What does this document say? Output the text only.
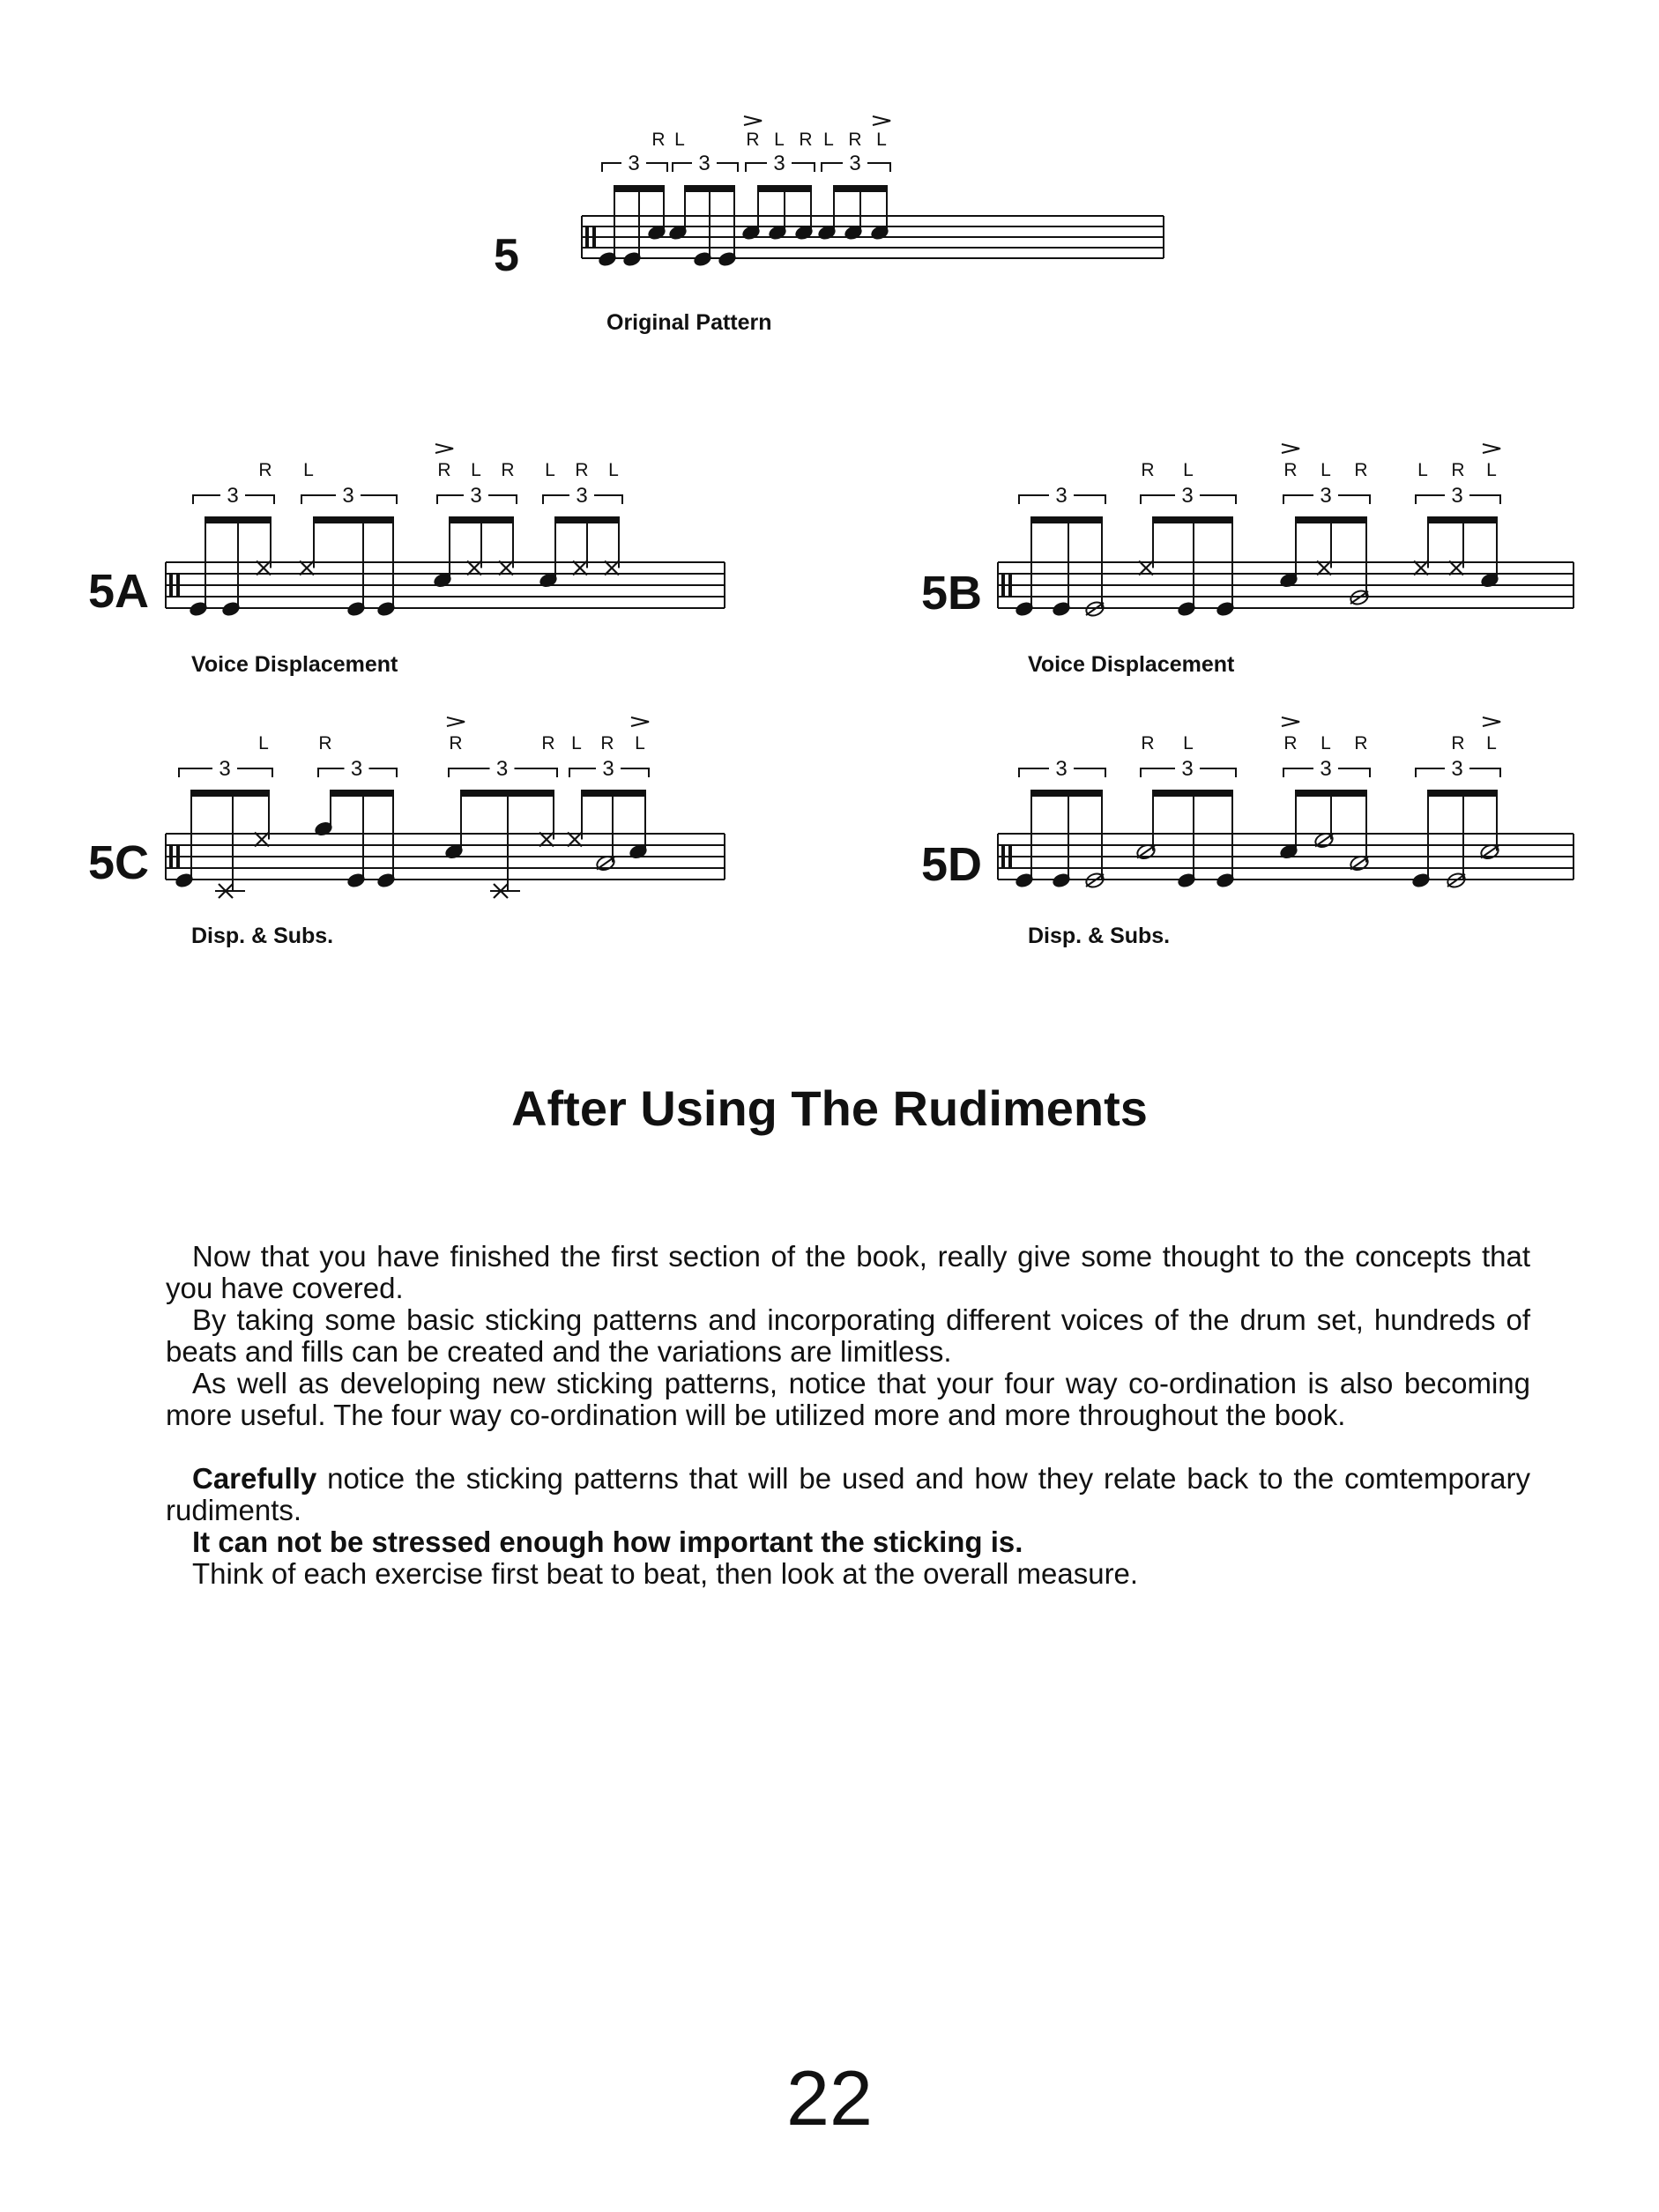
5
R L	R L R L R L
3	3	3	3
Original Pattern
5A
R L	R L R L R L
3	3	3	3
Voice Displacement
5B
R L	R L R	L R L
3	3	3	3
Voice Displacement
5C
L	R	R	R L R L
3	3	3	3
Disp. & Subs.
5D
R L	R L R	R L
3	3	3	3
Disp. & Subs.
After Using The Rudiments

Now that you have finished the first section of the book, really give some thought to the concepts that you have covered.

By taking some basic sticking patterns and incorporating different voices of the drum set, hundreds of beats and fills can be created and the variations are limitless.

As well as developing new sticking patterns, notice that your four way co-ordination is also becoming more useful. The four way co-ordination will be utilized more and more throughout the book.

Carefully notice the sticking patterns that will be used and how they relate back to the comtemporary rudiments.

It can not be stressed enough how important the sticking is.

Think of each exercise first beat to beat, then look at the overall measure.

22
